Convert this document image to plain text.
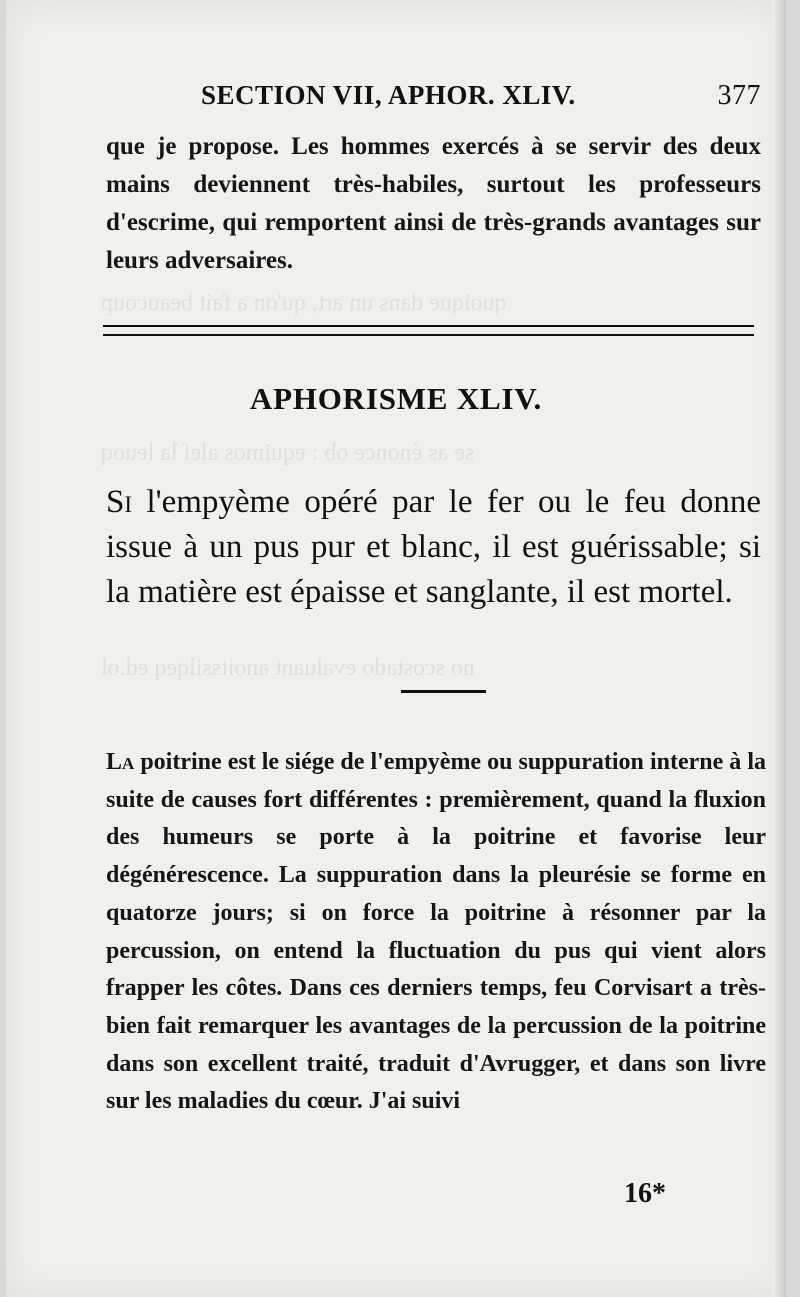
quoique dans un art, qu'on a fait beaucoup
se as énonce ob : equimos aleſ la leuoq
no scostado evaluant anoitssilqeq ed.ol
SECTION VII, APHOR. XLIV.	377
que je propose. Les hommes exercés à se servir des deux mains deviennent très-habiles, surtout les professeurs d'escrime, qui remportent ainsi de très-grands avantages sur leurs adversaires.
APHORISME XLIV.
Si l'empyème opéré par le fer ou le feu donne issue à un pus pur et blanc, il est guérissable; si la matière est épaisse et sanglante, il est mortel.
La poitrine est le siége de l'empyème ou suppuration interne à la suite de causes fort différentes : premièrement, quand la fluxion des humeurs se porte à la poitrine et favorise leur dégénérescence. La suppuration dans la pleurésie se forme en quatorze jours; si on force la poitrine à résonner par la percussion, on entend la fluctuation du pus qui vient alors frapper les côtes. Dans ces derniers temps, feu Corvisart a très-bien fait remarquer les avantages de la percussion de la poitrine dans son excellent traité, traduit d'Avrugger, et dans son livre sur les maladies du cœur. J'ai suivi
16*
